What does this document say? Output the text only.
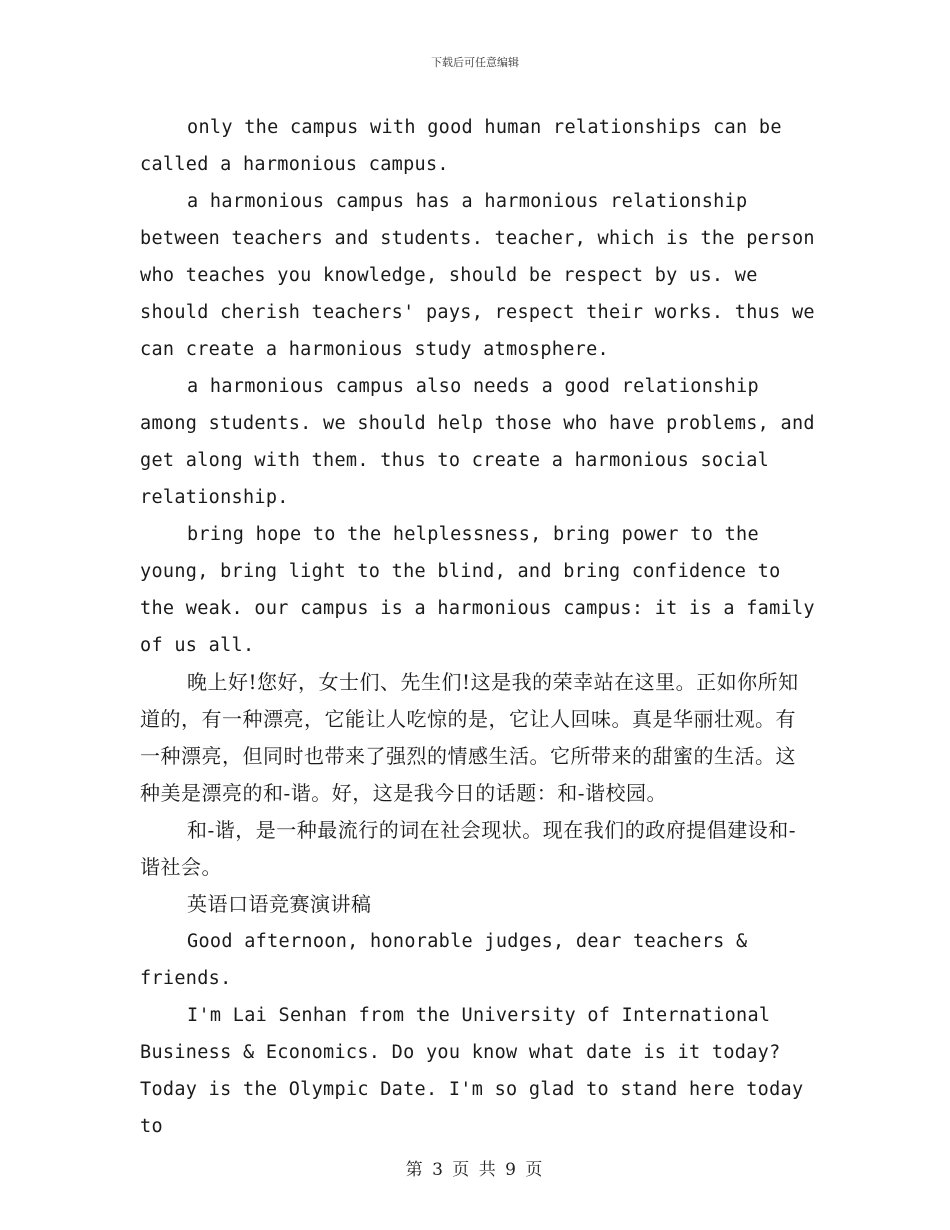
下载后可任意编辑

only the campus with good human relationships can be called a harmonious campus.

a harmonious campus has a harmonious relationship between teachers and students. teacher, which is the person who teaches you knowledge, should be respect by us. we should cherish teachers' pays, respect their works. thus we can create a harmonious study atmosphere.

a harmonious campus also needs a good relationship among students. we should help those who have problems, and get along with them. thus to create a harmonious social relationship.

bring hope to the helplessness, bring power to the young, bring light to the blind, and bring confidence to the weak. our campus is a harmonious campus: it is a family of us all.

晚上好!您好，女士们、先生们!这是我的荣幸站在这里。正如你所知道的，有一种漂亮，它能让人吃惊的是，它让人回味。真是华丽壮观。有一种漂亮，但同时也带来了强烈的情感生活。它所带来的甜蜜的生活。这种美是漂亮的和-谐。好，这是我今日的话题：和-谐校园。

和-谐，是一种最流行的词在社会现状。现在我们的政府提倡建设和-谐社会。

英语口语竞赛演讲稿

Good afternoon, honorable judges, dear teachers & friends.

I'm Lai Senhan from the University of International Business & Economics. Do you know what date is it today? Today is the Olympic Date. I'm so glad to stand here today to

第 3 页 共 9 页
